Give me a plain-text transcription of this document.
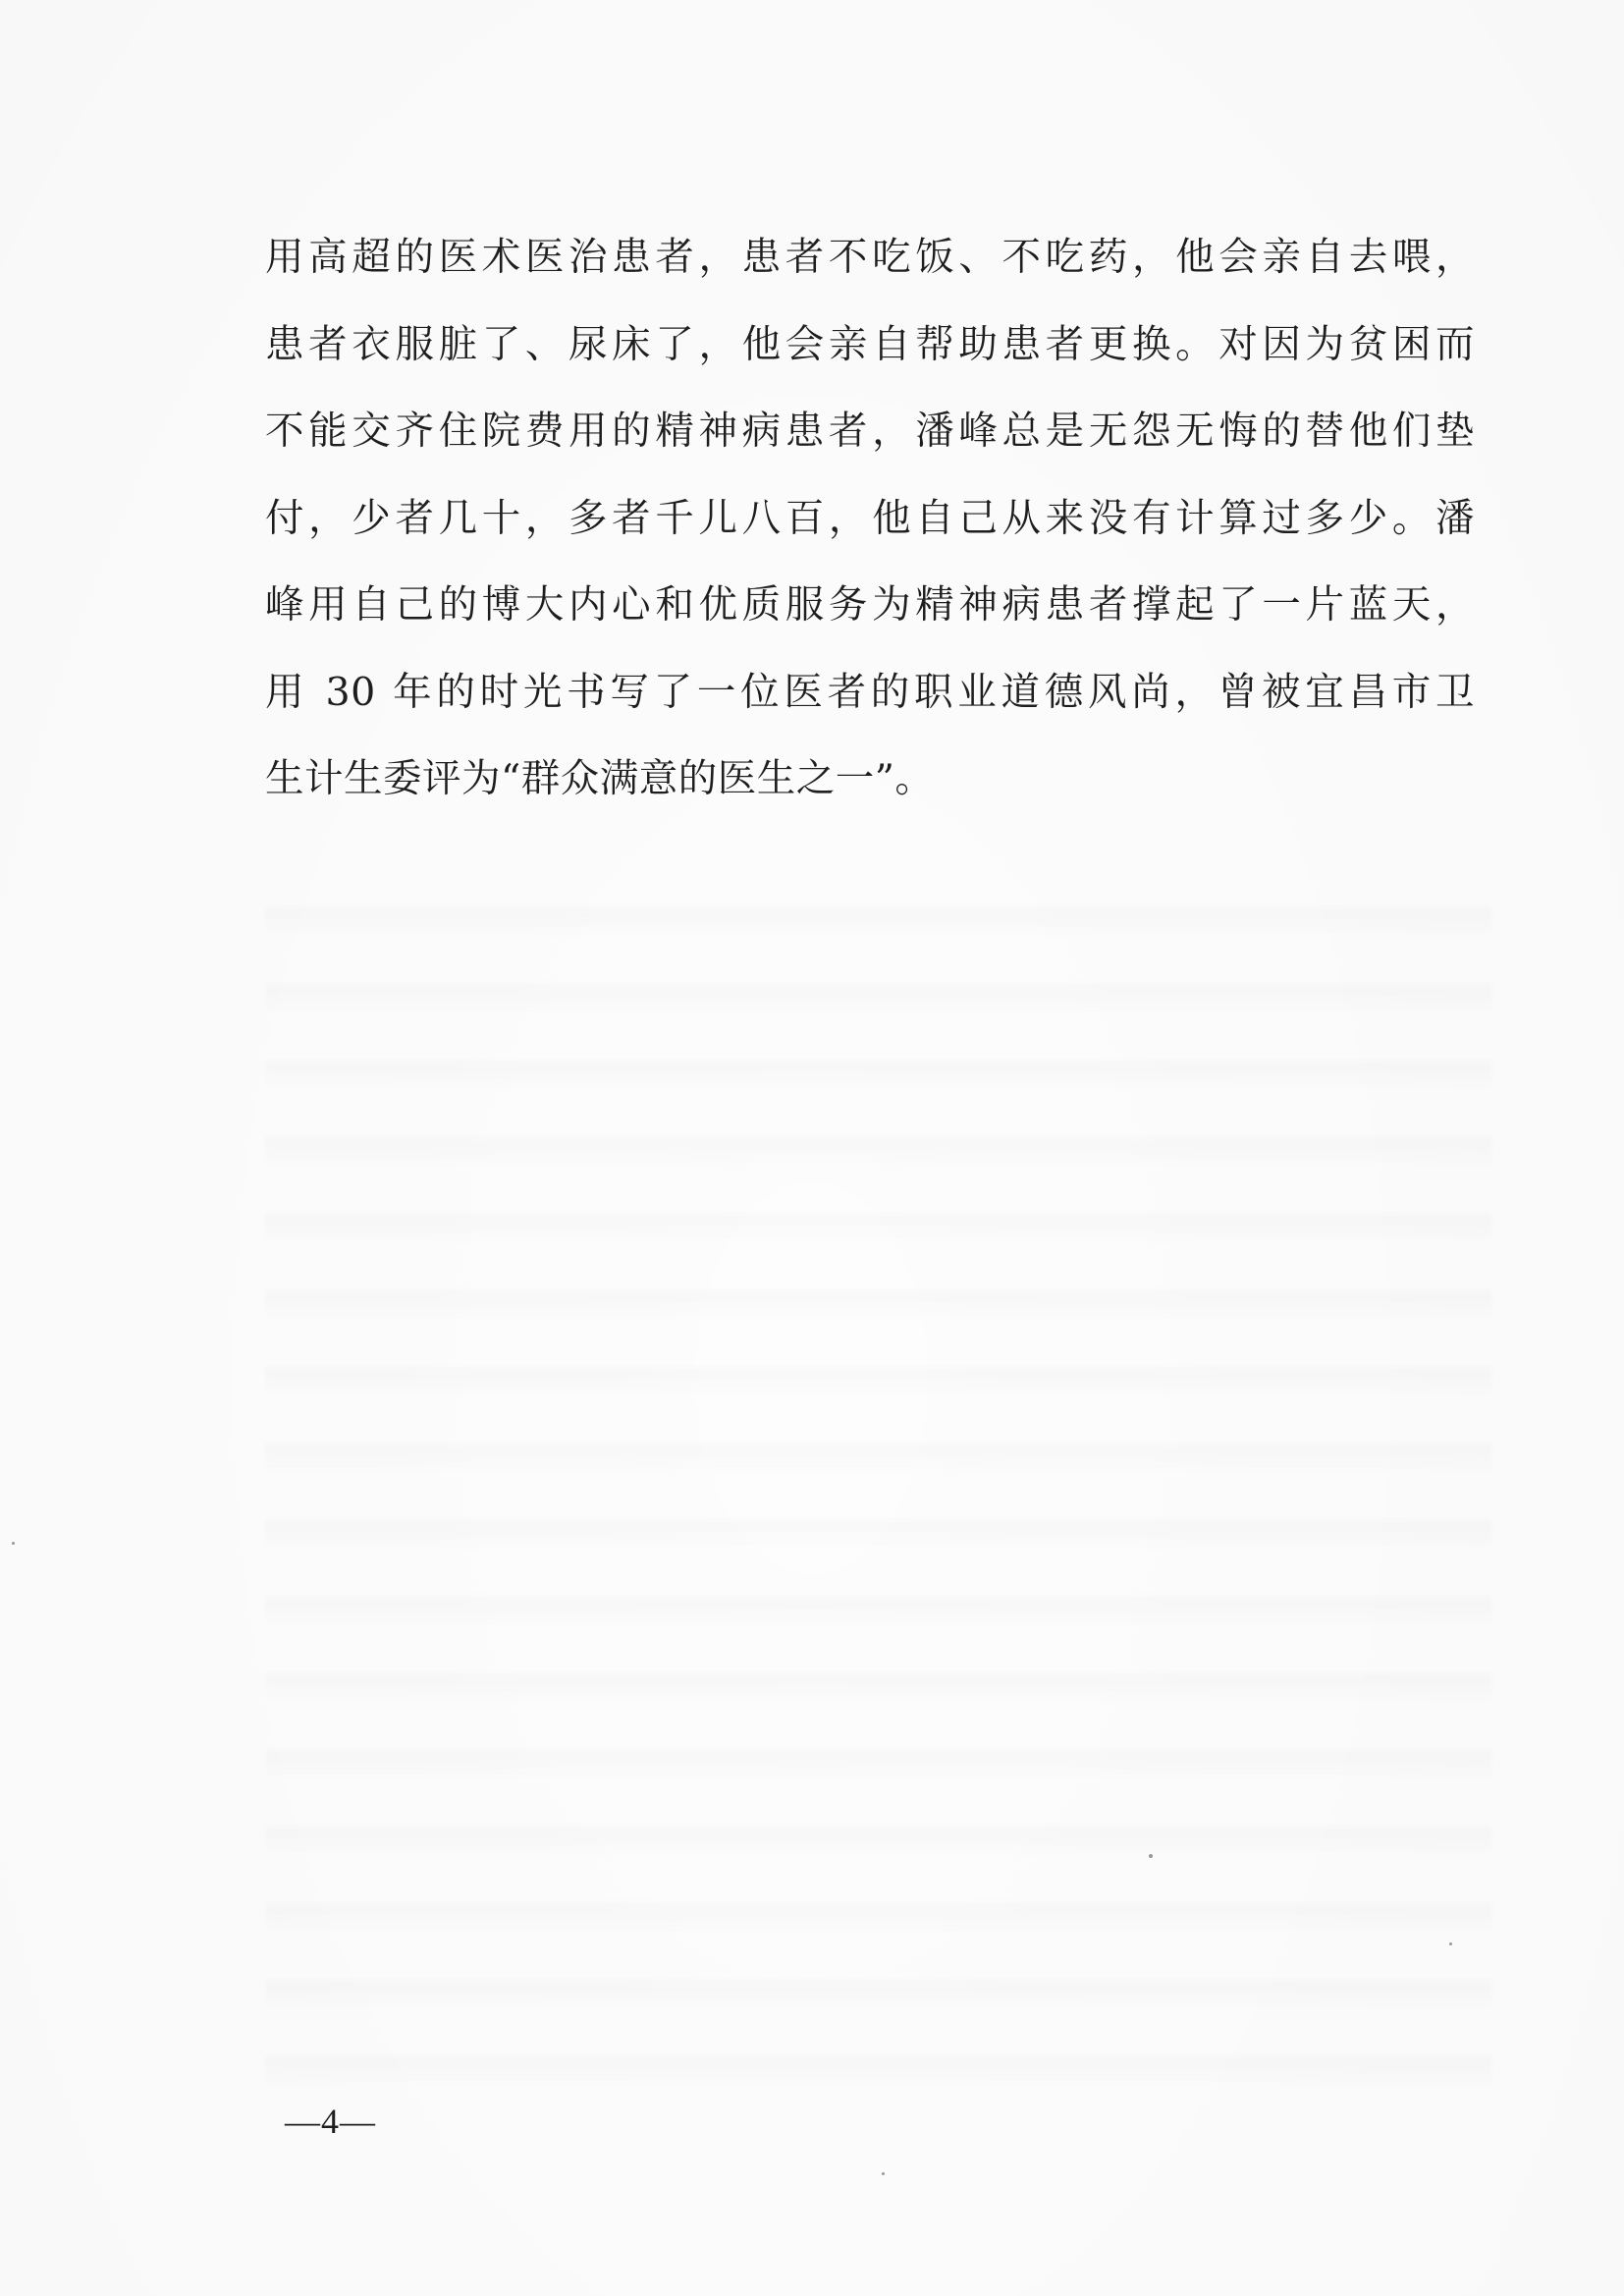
用高超的医术医治患者，患者不吃饭、不吃药，他会亲自去喂，
患者衣服脏了、尿床了，他会亲自帮助患者更换。对因为贫困而
不能交齐住院费用的精神病患者，潘峰总是无怨无悔的替他们垫
付，少者几十，多者千儿八百，他自己从来没有计算过多少。潘
峰用自己的博大内心和优质服务为精神病患者撑起了一片蓝天，
用 30 年的时光书写了一位医者的职业道德风尚，曾被宜昌市卫
生计生委评为“群众满意的医生之一”。
—4—
